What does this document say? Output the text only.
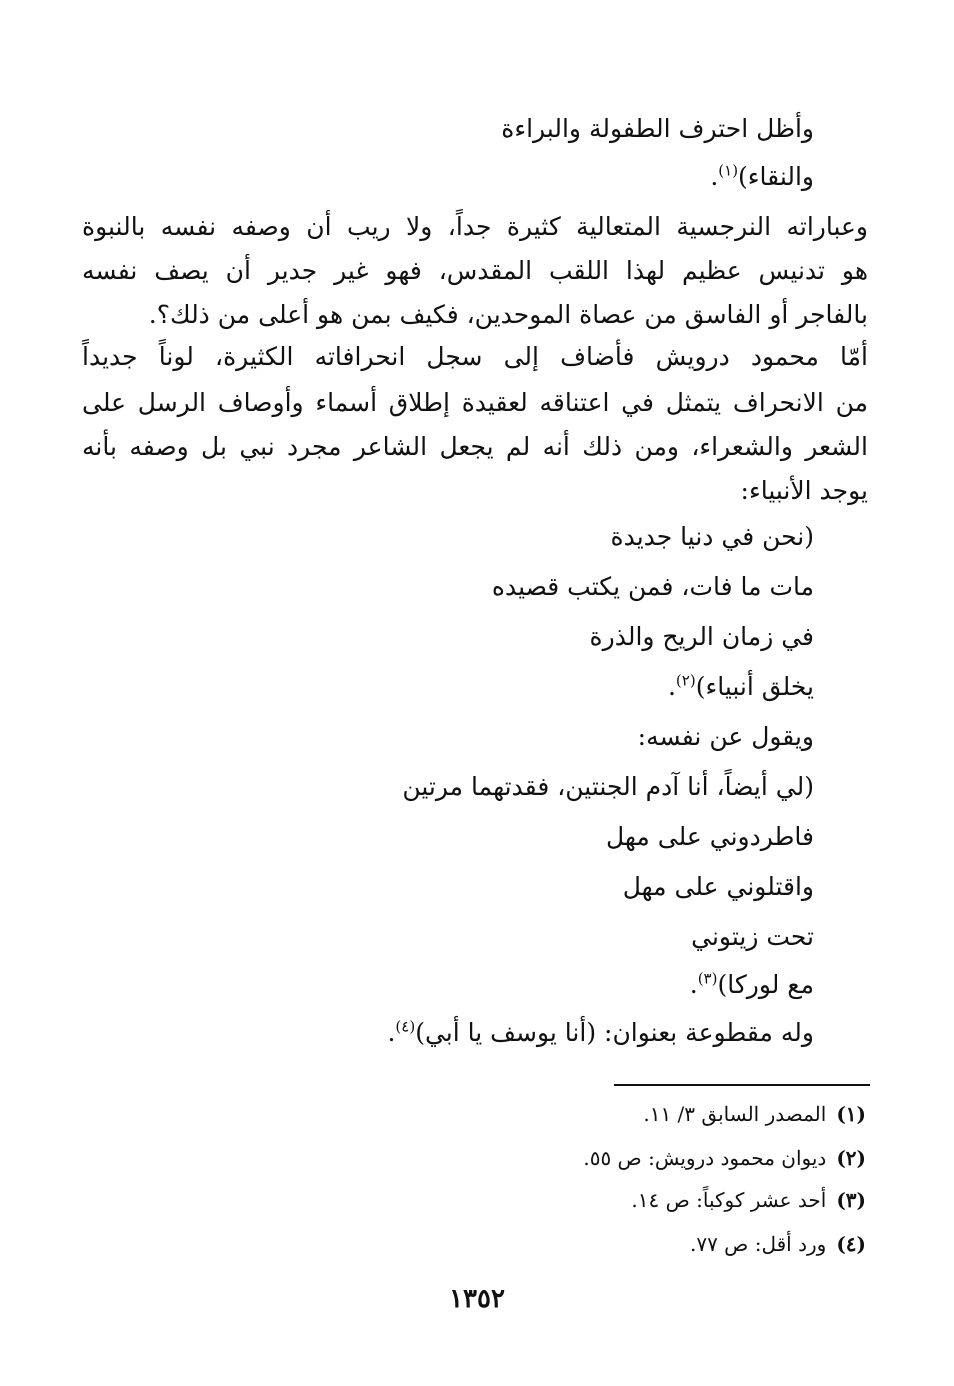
وأظل احترف الطفولة والبراءة
والنقاء)$^{(١)}$.
وعباراته النرجسية المتعالية كثيرة جداً، ولا ريب أن وصفه نفسه بالنبوة
هو تدنيس عظيم لهذا اللقب المقدس، فهو غير جدير أن يصف نفسه
بالفاجر أو الفاسق من عصاة الموحدين، فكيف بمن هو أعلى من ذلك؟.
أمّا محمود درويش فأضاف إلى سجل انحرافاته الكثيرة، لوناً جديداً
من الانحراف يتمثل في اعتناقه لعقيدة إطلاق أسماء وأوصاف الرسل على
الشعر والشعراء، ومن ذلك أنه لم يجعل الشاعر مجرد نبي بل وصفه بأنه
يوجد الأنبياء:
(نحن في دنيا جديدة
مات ما فات، فمن يكتب قصيده
في زمان الريح والذرة
يخلق أنبياء)$^{(٢)}$.
ويقول عن نفسه:
(لي أيضاً، أنا آدم الجنتين، فقدتهما مرتين
فاطردوني على مهل
واقتلوني على مهل
تحت زيتوني
مع لوركا)$^{(٣)}$.
وله مقطوعة بعنوان: (أنا يوسف يا أبي)$^{(٤)}$.
(١)المصدر السابق ٣/ ١١.
(٢)ديوان محمود درويش: ص ٥٥.
(٣)أحد عشر كوكباً: ص ١٤.
(٤)ورد أقل: ص ٧٧.
١٣٥٢
